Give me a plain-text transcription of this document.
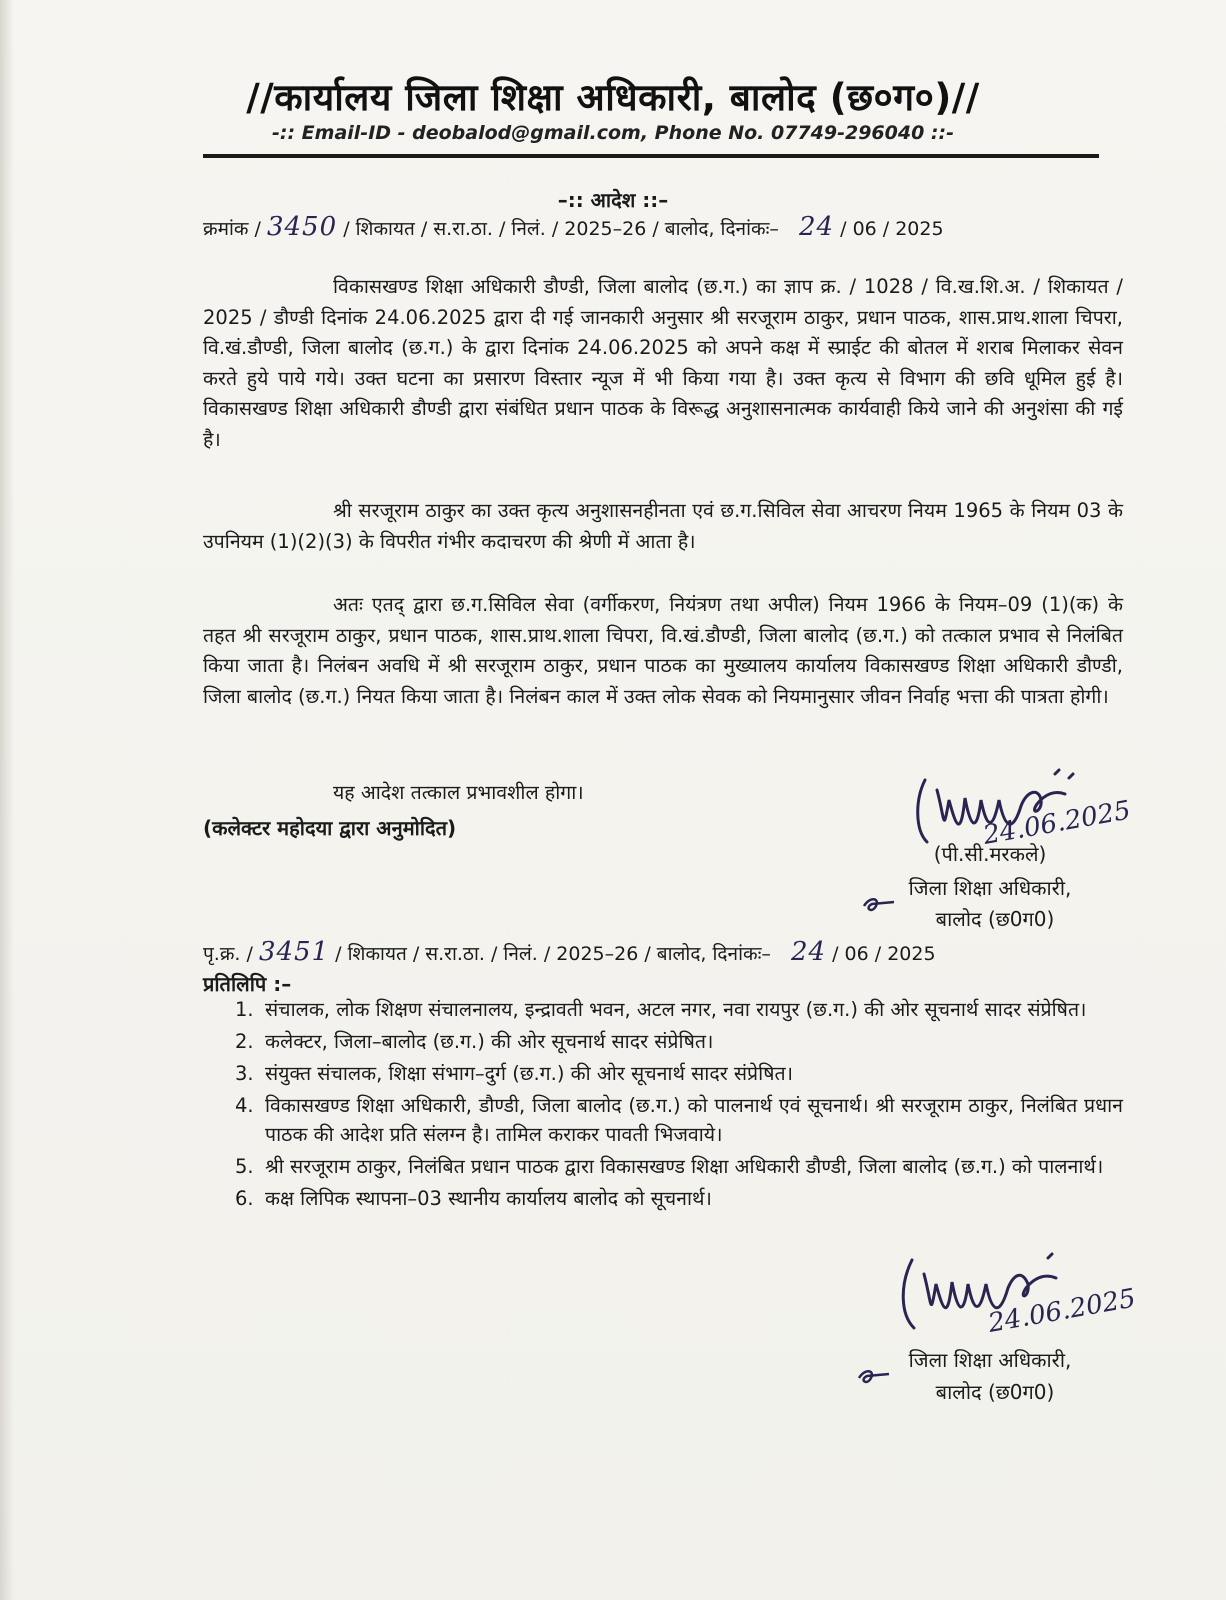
//कार्यालय जिला शिक्षा अधिकारी, बालोद (छ०ग०)//
-:: Email-ID - deobalod@gmail.com, Phone No. 07749-296040 ::-
–:: आदेश ::–
क्रमांक / 3450 / शिकायत / स.रा.ठा. / निलं. / 2025–26 / बालोद, दिनांकः– 24 / 06 / 2025

विकासखण्ड शिक्षा अधिकारी डौण्डी, जिला बालोद (छ.ग.) का ज्ञाप क्र. / 1028 / वि.ख.शि.अ. / शिकायत / 2025 / डौण्डी दिनांक 24.06.2025 द्वारा दी गई जानकारी अनुसार श्री सरजूराम ठाकुर, प्रधान पाठक, शास.प्राथ.शाला चिपरा, वि.खं.डौण्डी, जिला बालोद (छ.ग.) के द्वारा दिनांक 24.06.2025 को अपने कक्ष में स्प्राईट की बोतल में शराब मिलाकर सेवन करते हुये पाये गये। उक्त घटना का प्रसारण विस्तार न्यूज में भी किया गया है। उक्त कृत्य से विभाग की छवि धूमिल हुई है। विकासखण्ड शिक्षा अधिकारी डौण्डी द्वारा संबंधित प्रधान पाठक के विरूद्ध अनुशासनात्मक कार्यवाही किये जाने की अनुशंसा की गई है।

श्री सरजूराम ठाकुर का उक्त कृत्य अनुशासनहीनता एवं छ.ग.सिविल सेवा आचरण नियम 1965 के नियम 03 के उपनियम (1)(2)(3) के विपरीत गंभीर कदाचरण की श्रेणी में आता है।

अतः एतद् द्वारा छ.ग.सिविल सेवा (वर्गीकरण, नियंत्रण तथा अपील) नियम 1966 के नियम–09 (1)(क) के तहत श्री सरजूराम ठाकुर, प्रधान पाठक, शास.प्राथ.शाला चिपरा, वि.खं.डौण्डी, जिला बालोद (छ.ग.) को तत्काल प्रभाव से निलंबित किया जाता है। निलंबन अवधि में श्री सरजूराम ठाकुर, प्रधान पाठक का मुख्यालय कार्यालय विकासखण्ड शिक्षा अधिकारी डौण्डी, जिला बालोद (छ.ग.) नियत किया जाता है। निलंबन काल में उक्त लोक सेवक को नियमानुसार जीवन निर्वाह भत्ता की पात्रता होगी।

यह आदेश तत्काल प्रभावशील होगा।

(कलेक्टर महोदया द्वारा अनुमोदित)	24.06.2025
(पी.सी.मरकले)
जिला शिक्षा अधिकारी,
बालोद (छ0ग0)
पृ.क्र. / 3451 / शिकायत / स.रा.ठा. / निलं. / 2025–26 / बालोद, दिनांकः– 24 / 06 / 2025
प्रतिलिपि :–
1. संचालक, लोक शिक्षण संचालनालय, इन्द्रावती भवन, अटल नगर, नवा रायपुर (छ.ग.) की ओर सूचनार्थ सादर संप्रेषित।
2. कलेक्टर, जिला–बालोद (छ.ग.) की ओर सूचनार्थ सादर संप्रेषित।
3. संयुक्त संचालक, शिक्षा संभाग–दुर्ग (छ.ग.) की ओर सूचनार्थ सादर संप्रेषित।
4. विकासखण्ड शिक्षा अधिकारी, डौण्डी, जिला बालोद (छ.ग.) को पालनार्थ एवं सूचनार्थ। श्री सरजूराम ठाकुर, निलंबित प्रधान पाठक की आदेश प्रति संलग्न है। तामिल कराकर पावती भिजवाये।
5. श्री सरजूराम ठाकुर, निलंबित प्रधान पाठक द्वारा विकासखण्ड शिक्षा अधिकारी डौण्डी, जिला बालोद (छ.ग.) को पालनार्थ।
6. कक्ष लिपिक स्थापना–03 स्थानीय कार्यालय बालोद को सूचनार्थ।
24.06.2025
जिला शिक्षा अधिकारी,
बालोद (छ0ग0)
